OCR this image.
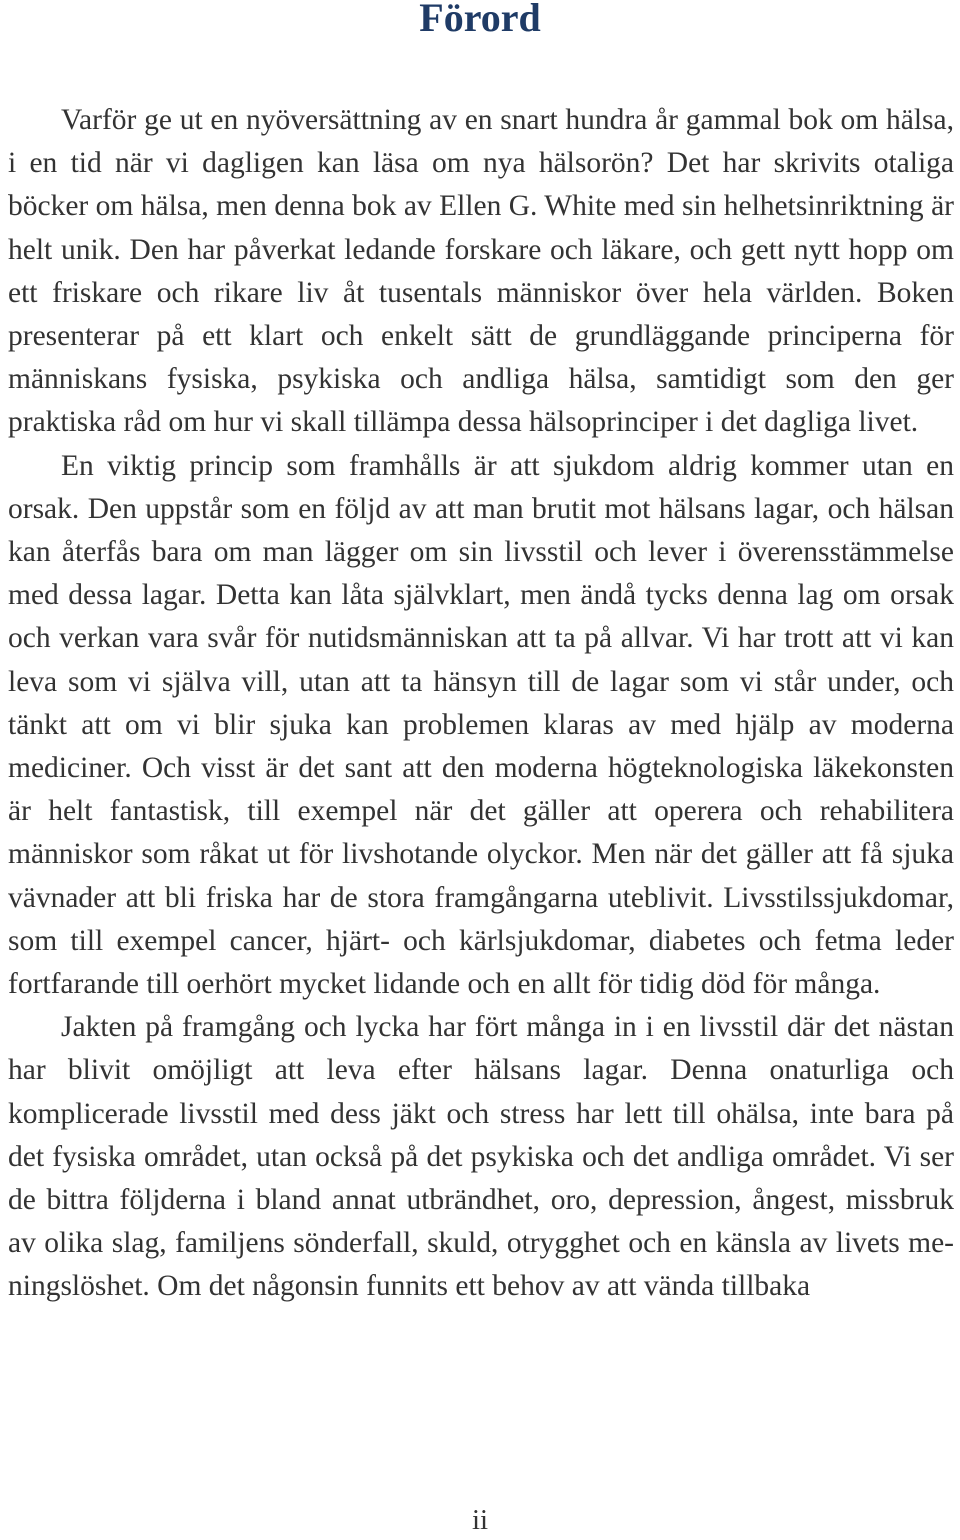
Förord

Varför ge ut en nyöversättning av en snart hundra år gammal bok om hälsa, i en tid när vi dagligen kan läsa om nya hälsorön? Det har skrivits otaliga böcker om hälsa, men denna bok av Ellen G. White med sin helhetsinriktning är helt unik. Den har påverkat ledande forskare och läkare, och gett nytt hopp om ett friskare och rikare liv åt tusentals människor över hela världen. Boken presenterar på ett klart och enkelt sätt de grundläggande principerna för människans fysiska, psykiska och andliga hälsa, samtidigt som den ger praktiska råd om hur vi skall tillämpa dessa hälsoprinciper i det dagliga livet.

En viktig princip som framhålls är att sjukdom aldrig kommer utan en orsak. Den uppstår som en följd av att man brutit mot hälsans lagar, och hälsan kan återfås bara om man lägger om sin livsstil och lever i överensstämmelse med dessa lagar. Detta kan låta självklart, men ändå tycks denna lag om orsak och verkan vara svår för nutidsmänniskan att ta på allvar. Vi har trott att vi kan leva som vi själva vill, utan att ta hänsyn till de lagar som vi står under, och tänkt att om vi blir sjuka kan problemen klaras av med hjälp av moderna mediciner. Och visst är det sant att den moderna högteknologiska läkekonsten är helt fantastisk, till exempel när det gäller att operera och rehabilitera människor som råkat ut för livshotande olyckor. Men när det gäller att få sjuka vävnader att bli friska har de stora framgångarna uteblivit. Livsstilssjukdomar, som till exempel cancer, hjärt- och kärlsjukdomar, diabetes och fetma leder fortfarande till oerhört mycket lidande och en allt för tidig död för många.

Jakten på framgång och lycka har fört många in i en livsstil där det nästan har blivit omöjligt att leva efter hälsans lagar. Denna onaturliga och komplicerade livsstil med dess jäkt och stress har lett till ohälsa, inte bara på det fysiska området, utan också på det psykiska och det andliga området. Vi ser de bittra följderna i bland annat utbrändhet, oro, depression, ångest, missbruk av olika slag, familjens sönderfall, skuld, otrygghet och en känsla av livets meningslöshet. Om det någonsin funnits ett behov av att vända tillbaka

ii
